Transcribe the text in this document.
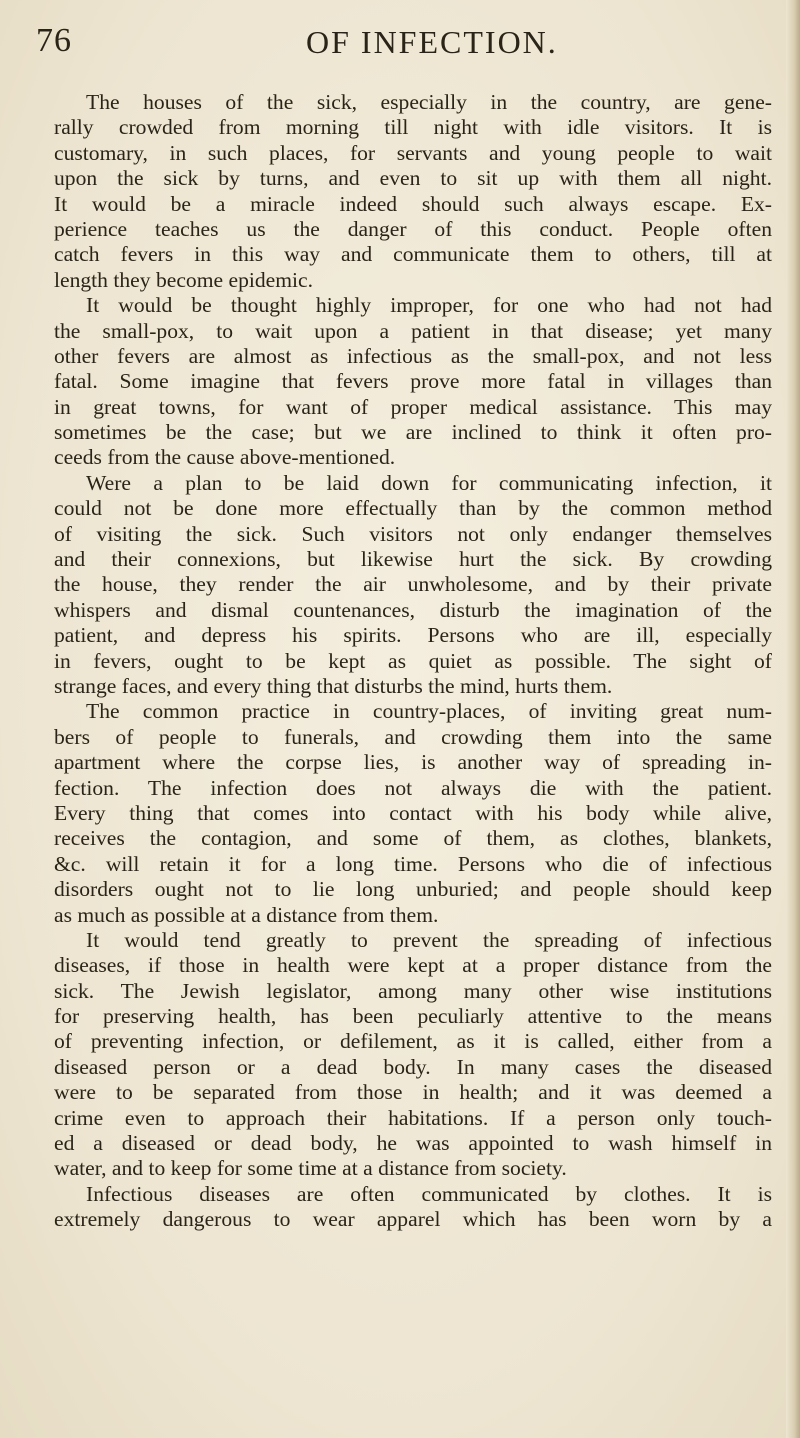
76	OF INFECTION.
The houses of the sick, especially in the country, are gene-
rally crowded from morning till night with idle visitors. It is
customary, in such places, for servants and young people to wait
upon the sick by turns, and even to sit up with them all night.
It would be a miracle indeed should such always escape. Ex-
perience teaches us the danger of this conduct. People often
catch fevers in this way and communicate them to others, till at
length they become epidemic.
It would be thought highly improper, for one who had not had
the small-pox, to wait upon a patient in that disease; yet many
other fevers are almost as infectious as the small-pox, and not less
fatal. Some imagine that fevers prove more fatal in villages than
in great towns, for want of proper medical assistance. This may
sometimes be the case; but we are inclined to think it often pro-
ceeds from the cause above-mentioned.
Were a plan to be laid down for communicating infection, it
could not be done more effectually than by the common method
of visiting the sick. Such visitors not only endanger themselves
and their connexions, but likewise hurt the sick. By crowding
the house, they render the air unwholesome, and by their private
whispers and dismal countenances, disturb the imagination of the
patient, and depress his spirits. Persons who are ill, especially
in fevers, ought to be kept as quiet as possible. The sight of
strange faces, and every thing that disturbs the mind, hurts them.
The common practice in country-places, of inviting great num-
bers of people to funerals, and crowding them into the same
apartment where the corpse lies, is another way of spreading in-
fection. The infection does not always die with the patient.
Every thing that comes into contact with his body while alive,
receives the contagion, and some of them, as clothes, blankets,
&c. will retain it for a long time. Persons who die of infectious
disorders ought not to lie long unburied; and people should keep
as much as possible at a distance from them.
It would tend greatly to prevent the spreading of infectious
diseases, if those in health were kept at a proper distance from the
sick. The Jewish legislator, among many other wise institutions
for preserving health, has been peculiarly attentive to the means
of preventing infection, or defilement, as it is called, either from a
diseased person or a dead body. In many cases the diseased
were to be separated from those in health; and it was deemed a
crime even to approach their habitations. If a person only touch-
ed a diseased or dead body, he was appointed to wash himself in
water, and to keep for some time at a distance from society.
Infectious diseases are often communicated by clothes. It is
extremely dangerous to wear apparel which has been worn by a
